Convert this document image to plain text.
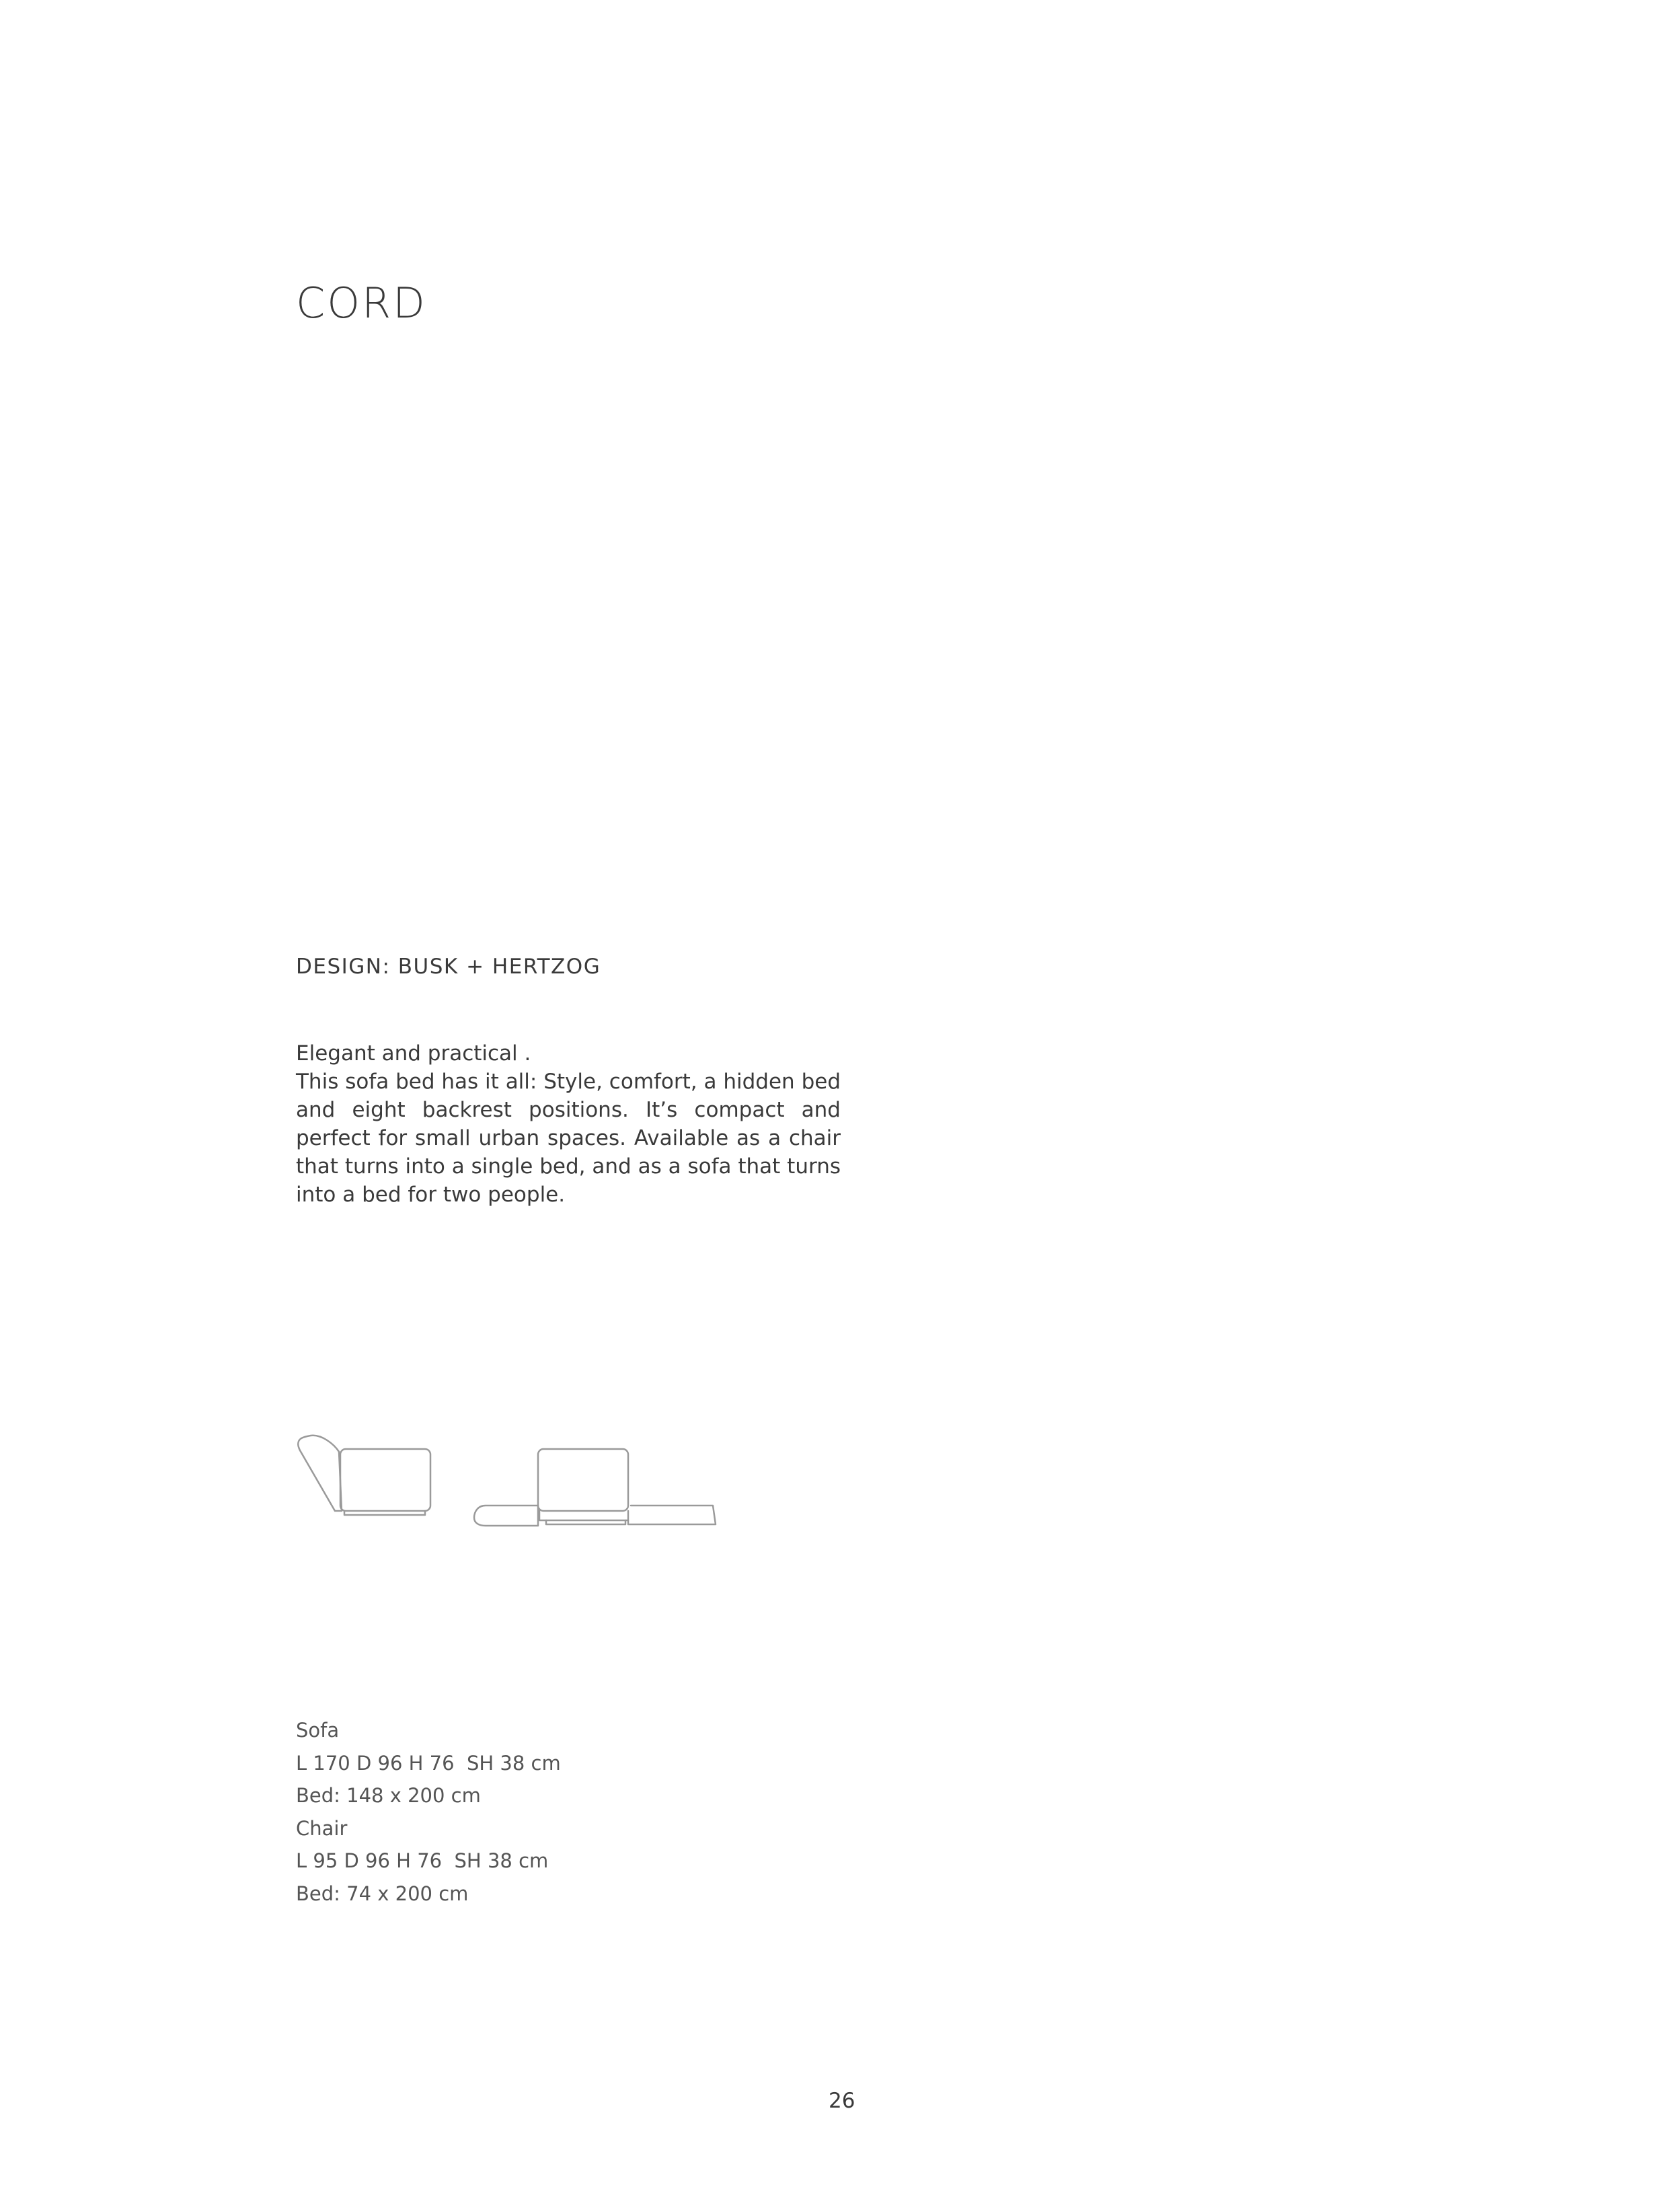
CORD
DESIGN: BUSK + HERTZOG

Elegant and practical .

This sofa bed has it all: Style, comfort, a hidden bed and eight backrest positions. It’s compact and perfect for small urban spaces. Available as a chair that turns into a single bed, and as a sofa that turns into a bed for two people.

Sofa
L 170 D 96 H 76  SH 38 cm
Bed: 148 x 200 cm
Chair
L 95 D 96 H 76  SH 38 cm
Bed: 74 x 200 cm
26
